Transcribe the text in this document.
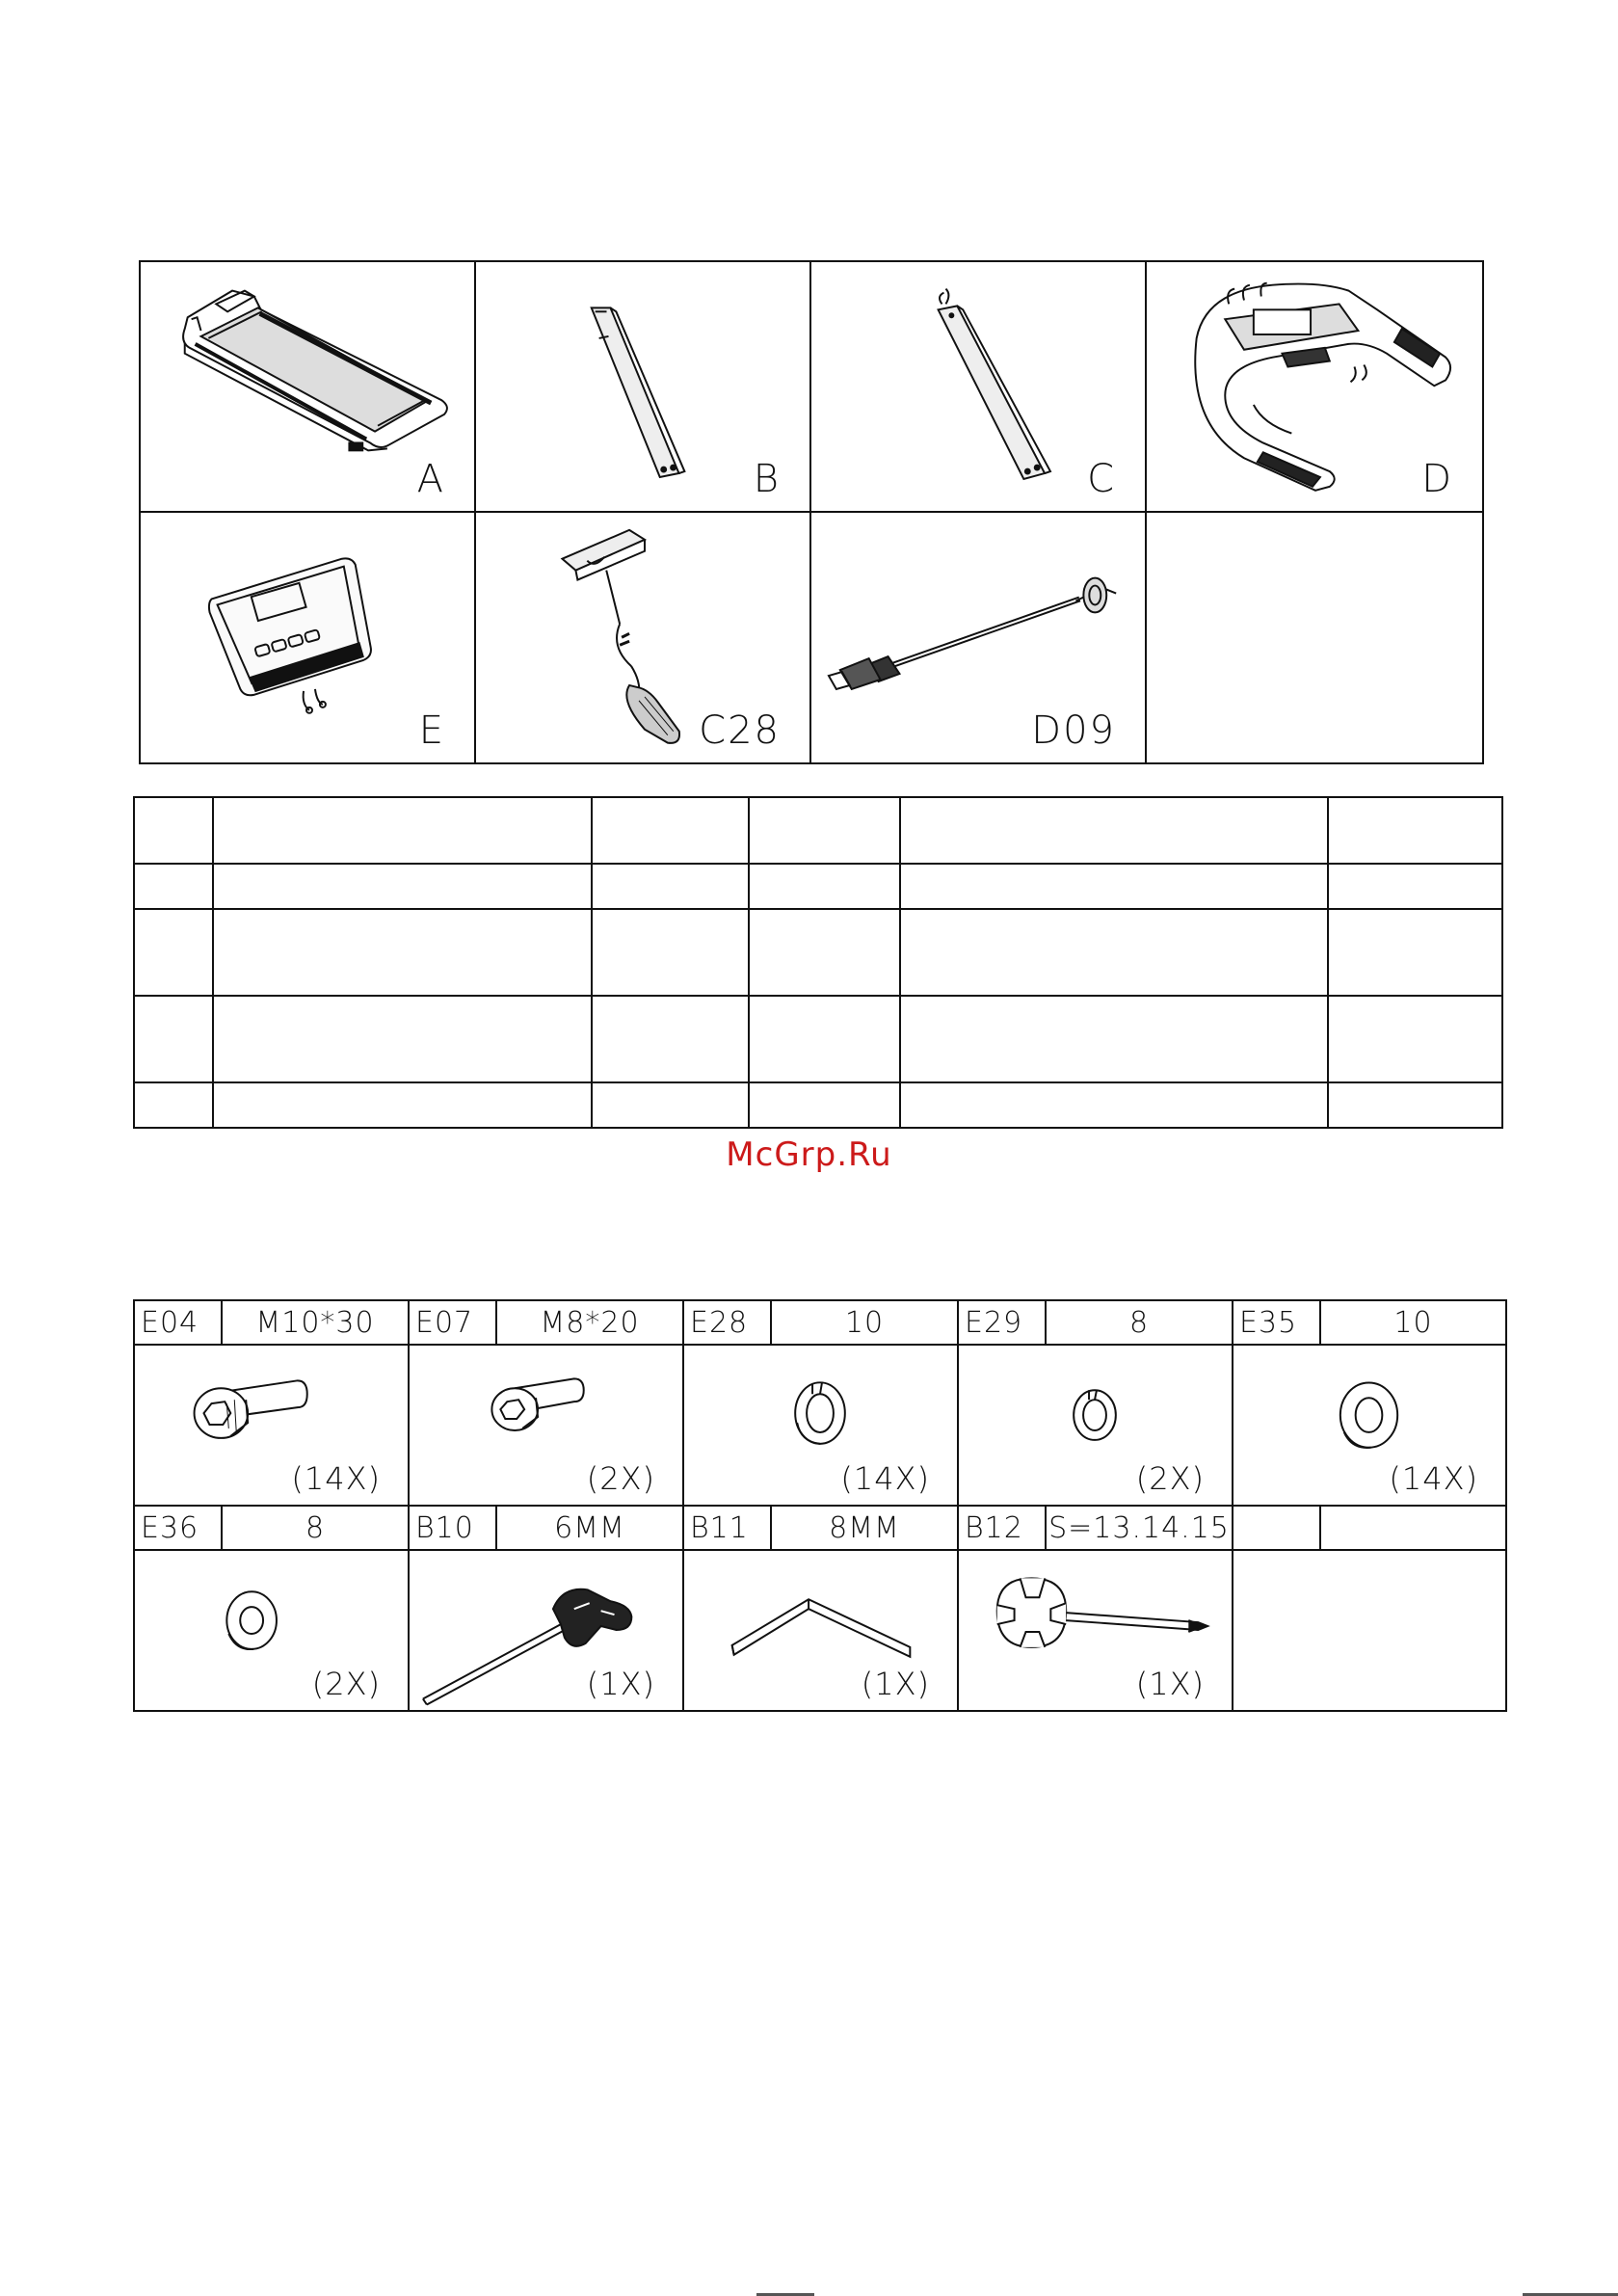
A	B	C	D
E	C28	D09

McGrp.Ru
E04	M10*30	E07	M8*20	E28	10	E29	8	E35	10

(14X)		(2X)		(14X)		(2X)		(14X)	

E36	8	B10	6MM	B11	8MM	B12	S=13.14.15		

(2X)		(1X)		(1X)		(1X)			
